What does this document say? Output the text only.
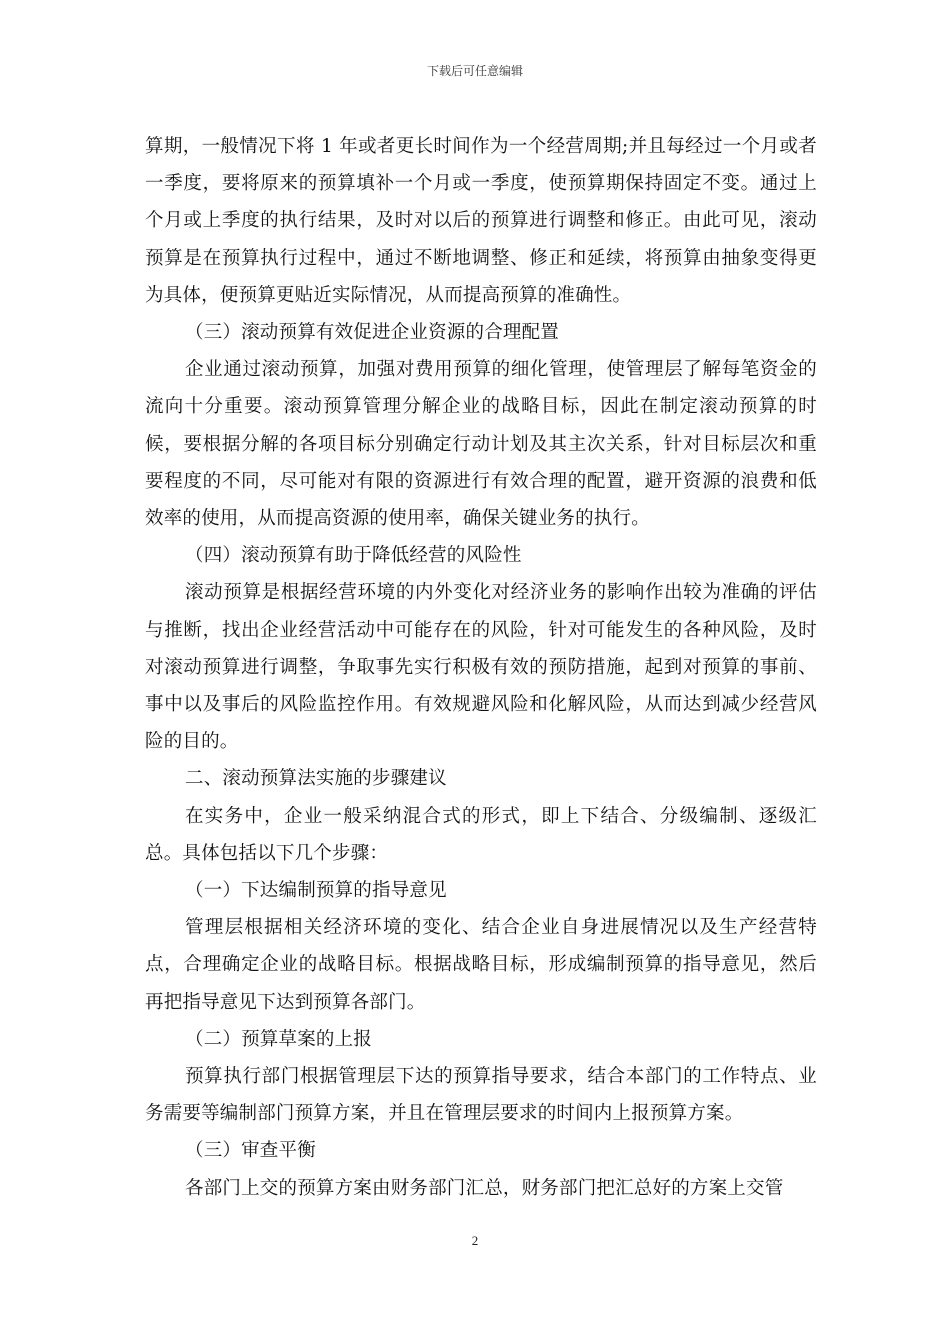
下载后可任意编辑

算期，一般情况下将 1 年或者更长时间作为一个经营周期;并且每经过一个月或者一季度，要将原来的预算填补一个月或一季度，使预算期保持固定不变。通过上个月或上季度的执行结果，及时对以后的预算进行调整和修正。由此可见，滚动预算是在预算执行过程中，通过不断地调整、修正和延续，将预算由抽象变得更为具体，便预算更贴近实际情况，从而提高预算的准确性。

（三）滚动预算有效促进企业资源的合理配置

企业通过滚动预算，加强对费用预算的细化管理，使管理层了解每笔资金的流向十分重要。滚动预算管理分解企业的战略目标，因此在制定滚动预算的时候，要根据分解的各项目标分别确定行动计划及其主次关系，针对目标层次和重要程度的不同，尽可能对有限的资源进行有效合理的配置，避开资源的浪费和低效率的使用，从而提高资源的使用率，确保关键业务的执行。

（四）滚动预算有助于降低经营的风险性

滚动预算是根据经营环境的内外变化对经济业务的影响作出较为准确的评估与推断，找出企业经营活动中可能存在的风险，针对可能发生的各种风险，及时对滚动预算进行调整，争取事先实行积极有效的预防措施，起到对预算的事前、事中以及事后的风险监控作用。有效规避风险和化解风险，从而达到减少经营风险的目的。

二、滚动预算法实施的步骤建议

在实务中，企业一般采纳混合式的形式，即上下结合、分级编制、逐级汇总。具体包括以下几个步骤：

（一）下达编制预算的指导意见

管理层根据相关经济环境的变化、结合企业自身进展情况以及生产经营特点，合理确定企业的战略目标。根据战略目标，形成编制预算的指导意见，然后再把指导意见下达到预算各部门。

（二）预算草案的上报

预算执行部门根据管理层下达的预算指导要求，结合本部门的工作特点、业务需要等编制部门预算方案，并且在管理层要求的时间内上报预算方案。

（三）审查平衡

各部门上交的预算方案由财务部门汇总，财务部门把汇总好的方案上交管

2
